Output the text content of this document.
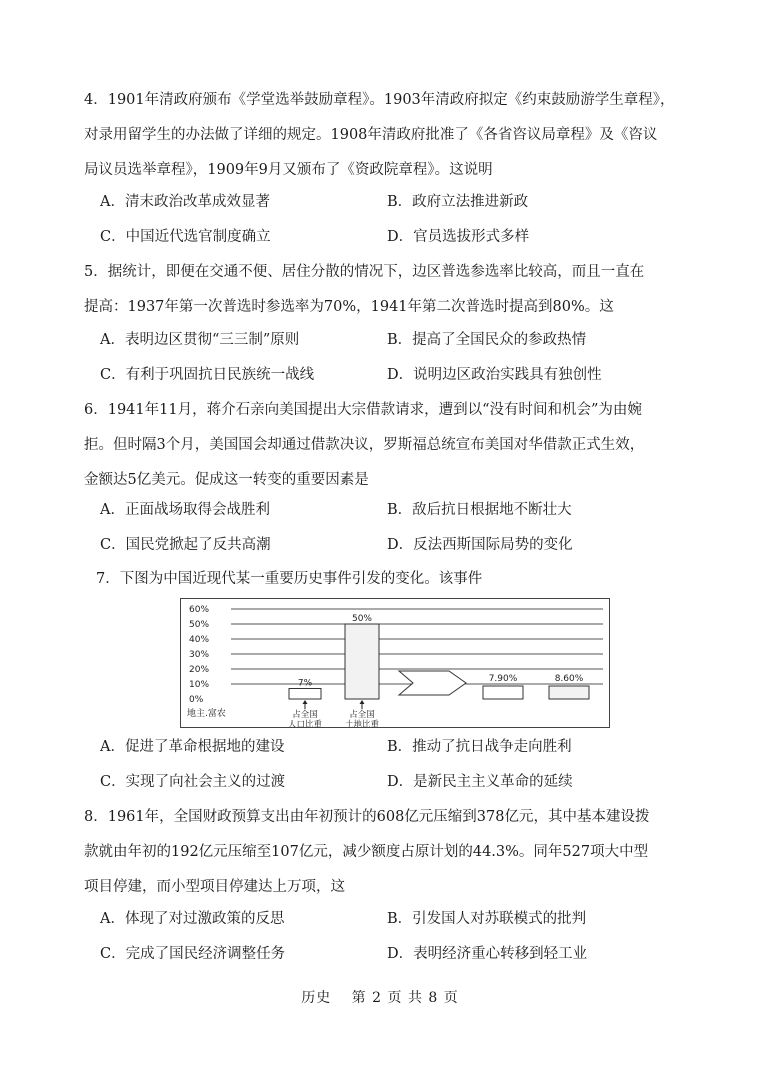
4．1901年清政府颁布《学堂选举鼓励章程》。1903年清政府拟定《约束鼓励游学生章程》，

对录用留学生的办法做了详细的规定。1908年清政府批准了《各省咨议局章程》及《咨议

局议员选举章程》，1909年9月又颁布了《资政院章程》。这说明

A．清末政治改革成效显著	B．政府立法推进新政
C．中国近代选官制度确立	D．官员选拔形式多样

5．据统计，即便在交通不便、居住分散的情况下，边区普选参选率比较高，而且一直在

提高：1937年第一次普选时参选率为70%，1941年第二次普选时提高到80%。这

A．表明边区贯彻“三三制”原则	B．提高了全国民众的参政热情
C．有利于巩固抗日民族统一战线	D．说明边区政治实践具有独创性

6．1941年11月，蒋介石亲向美国提出大宗借款请求，遭到以“没有时间和机会”为由婉

拒。但时隔3个月，美国国会却通过借款决议，罗斯福总统宣布美国对华借款正式生效，

金额达5亿美元。促成这一转变的重要因素是

A．正面战场取得会战胜利	B．敌后抗日根据地不断壮大
C．国民党掀起了反共高潮	D．反法西斯国际局势的变化

7．下图为中国近现代某一重要历史事件引发的变化。该事件

60%
50%
40%
30%
20%
10%
0%
地主.富农
7%
占全国
人口比重
50%
占全国
土地比重
7.90%	8.60%
A．促进了革命根据地的建设	B．推动了抗日战争走向胜利
C．实现了向社会主义的过渡	D．是新民主主义革命的延续

8．1961年，全国财政预算支出由年初预计的608亿元压缩到378亿元，其中基本建设拨

款就由年初的192亿元压缩至107亿元，减少额度占原计划的44.3%。同年527项大中型

项目停建，而小型项目停建达上万项，这

A．体现了对过激政策的反思	B．引发国人对苏联模式的批判
C．完成了国民经济调整任务	D．表明经济重心转移到轻工业
历史　 第 2 页 共 8 页
